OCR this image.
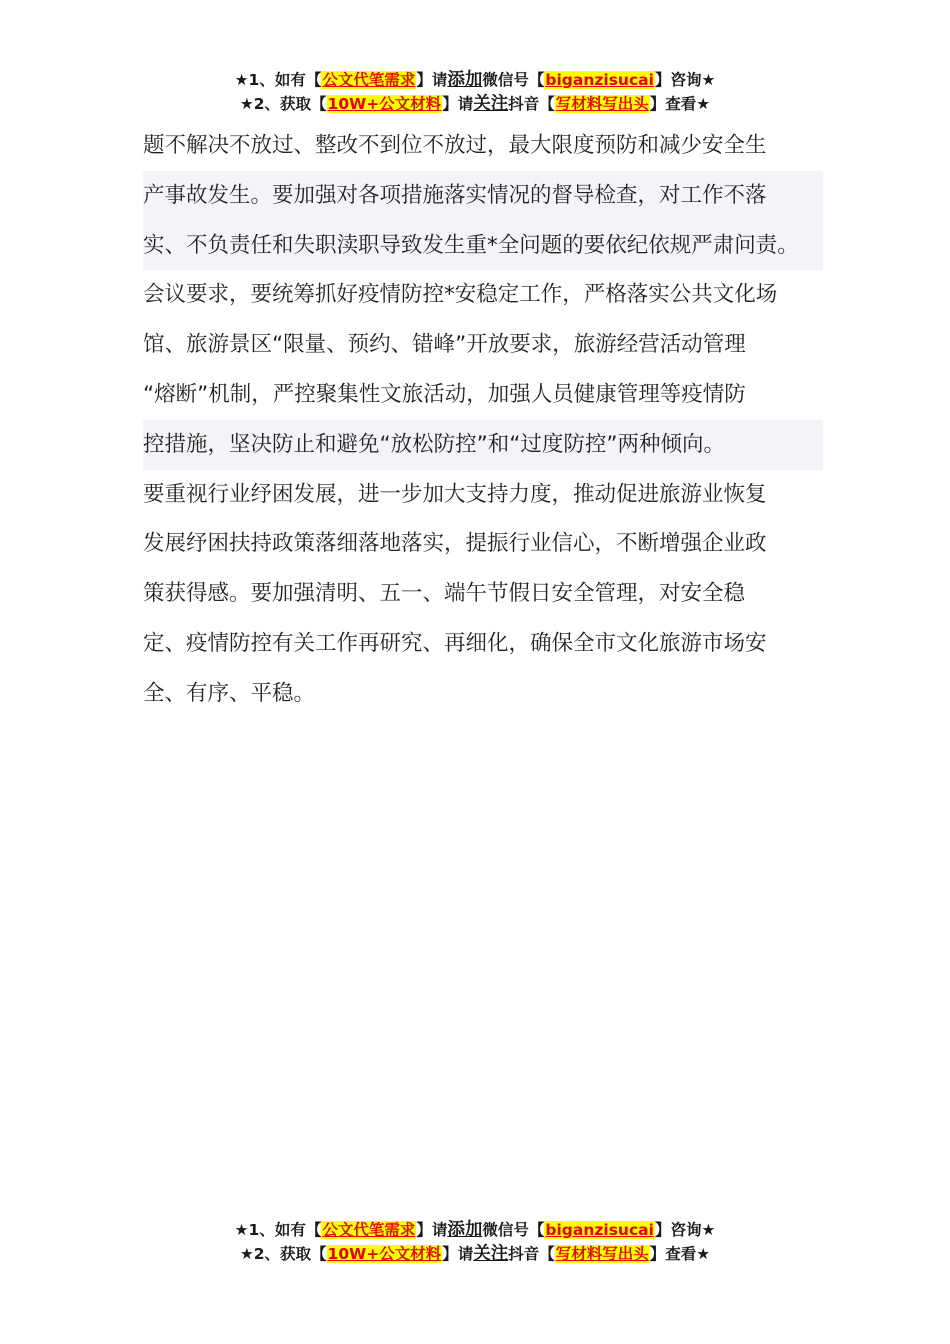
★1、如有【公文代笔需求】请添加微信号【biganzisucai】咨询★
★2、获取【10W+公文材料】请关注抖音【写材料写出头】查看★
题不解决不放过、整改不到位不放过，最大限度预防和减少安全生
产事故发生。要加强对各项措施落实情况的督导检查，对工作不落
实、不负责任和失职渎职导致发生重*全问题的要依纪依规严肃问责。
会议要求，要统筹抓好疫情防控*安稳定工作，严格落实公共文化场
馆、旅游景区“限量、预约、错峰”开放要求，旅游经营活动管理
“熔断”机制，严控聚集性文旅活动，加强人员健康管理等疫情防
控措施，坚决防止和避免“放松防控”和“过度防控”两种倾向。
要重视行业纾困发展，进一步加大支持力度，推动促进旅游业恢复
发展纾困扶持政策落细落地落实，提振行业信心，不断增强企业政
策获得感。要加强清明、五一、端午节假日安全管理，对安全稳
定、疫情防控有关工作再研究、再细化，确保全市文化旅游市场安
全、有序、平稳。
★1、如有【公文代笔需求】请添加微信号【biganzisucai】咨询★
★2、获取【10W+公文材料】请关注抖音【写材料写出头】查看★
